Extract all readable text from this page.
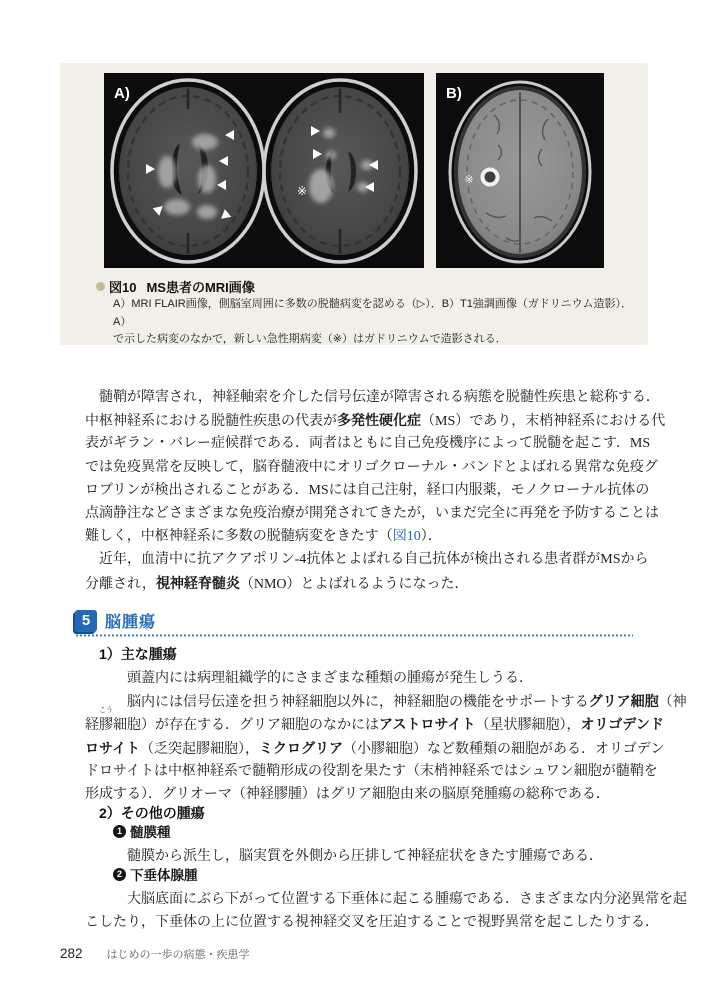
※
A)
※
B)
図10 MS患者のMRI画像
A）MRI FLAIR画像，側脳室周囲に多数の脱髄病変を認める（▷）．B）T1強調画像（ガドリニウム造影）．A）
で示した病変のなかで，新しい急性期病変（※）はガドリニウムで造影される．
髄鞘が障害され，神経軸索を介した信号伝達が障害される病態を脱髄性疾患と総称する．
中枢神経系における脱髄性疾患の代表が多発性硬化症（MS）であり，末梢神経系における代
表がギラン・バレー症候群である．両者はともに自己免疫機序によって脱髄を起こす．MS
では免疫異常を反映して，脳脊髄液中にオリゴクローナル・バンドとよばれる異常な免疫グ
ロブリンが検出されることがある．MSには自己注射，経口内服薬，モノクローナル抗体の
点滴静注などさまざまな免疫治療が開発されてきたが，いまだ完全に再発を予防することは
難しく，中枢神経系に多数の脱髄病変をきたす（図10）．
近年，血清中に抗アクアポリン-4抗体とよばれる自己抗体が検出される患者群がMSから
分離され，視神経脊髄炎（NMO）とよばれるようになった．
5 脳腫瘍
1）主な腫瘍
頭蓋内には病理組織学的にさまざまな種類の腫瘍が発生しうる．
脳内には信号伝達を担う神経細胞以外に，神経細胞の機能をサポートするグリア細胞（神
経膠
こう
細胞）が存在する．グリア細胞のなかにはアストロサイト（星状膠細胞），オリゴデンド
ロサイト（乏突起膠細胞），ミクログリア（小膠細胞）など数種類の細胞がある．オリゴデン
ドロサイトは中枢神経系で髄鞘形成の役割を果たす（末梢神経系ではシュワン細胞が髄鞘を
形成する）．グリオーマ（神経膠腫）はグリア細胞由来の脳原発腫瘍の総称である．
2）その他の腫瘍
1 髄膜種
髄膜から派生し，脳実質を外側から圧排して神経症状をきたす腫瘍である．
2 下垂体腺腫
大脳底面にぶら下がって位置する下垂体に起こる腫瘍である．さまざまな内分泌異常を起
こしたり，下垂体の上に位置する視神経交叉を圧迫することで視野異常を起こしたりする．
282 はじめの一歩の病態・疾患学
